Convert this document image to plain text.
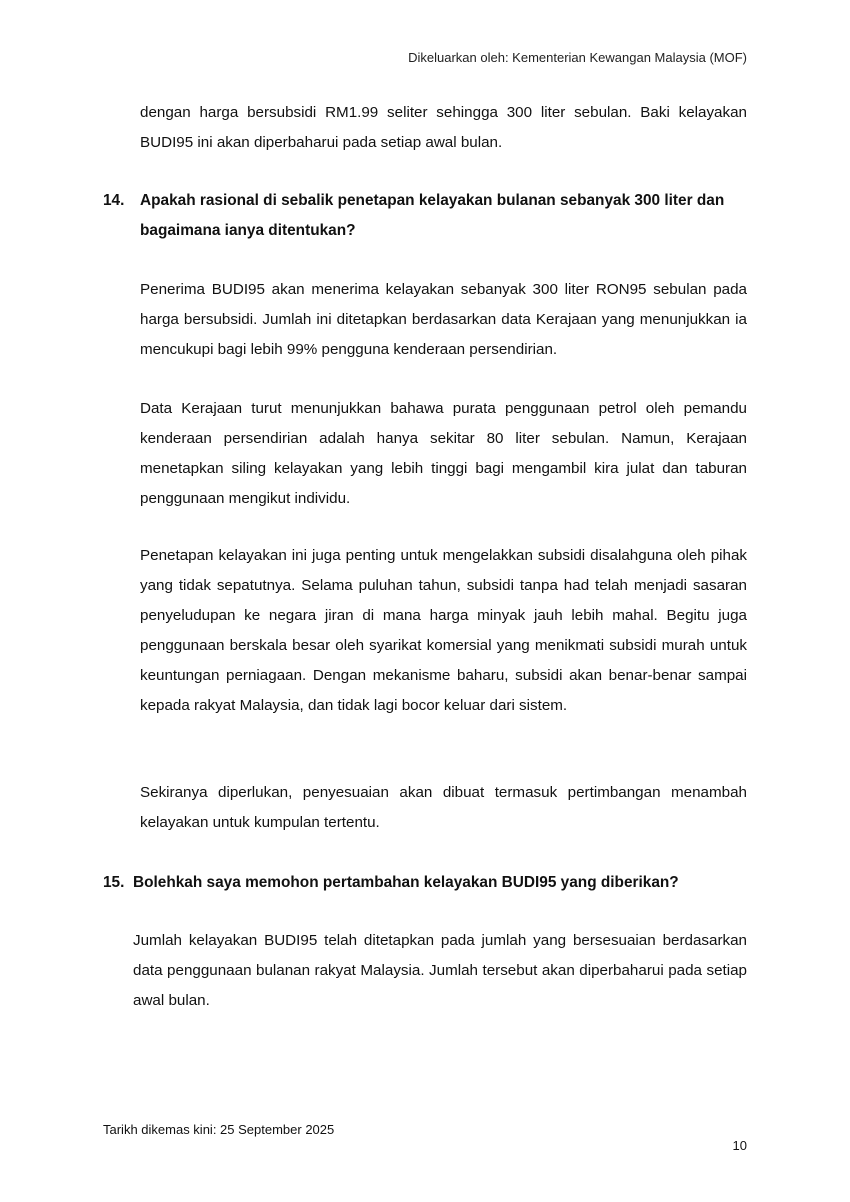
Dikeluarkan oleh: Kementerian Kewangan Malaysia (MOF)

dengan harga bersubsidi RM1.99 seliter sehingga 300 liter sebulan. Baki kelayakan BUDI95 ini akan diperbaharui pada setiap awal bulan.

14.	Apakah rasional di sebalik penetapan kelayakan bulanan sebanyak 300 liter dan bagaimana ianya ditentukan?

Penerima BUDI95 akan menerima kelayakan sebanyak 300 liter RON95 sebulan pada harga bersubsidi. Jumlah ini ditetapkan berdasarkan data Kerajaan yang menunjukkan ia mencukupi bagi lebih 99% pengguna kenderaan persendirian.

Data Kerajaan turut menunjukkan bahawa purata penggunaan petrol oleh pemandu kenderaan persendirian adalah hanya sekitar 80 liter sebulan. Namun, Kerajaan menetapkan siling kelayakan yang lebih tinggi bagi mengambil kira julat dan taburan penggunaan mengikut individu.

Penetapan kelayakan ini juga penting untuk mengelakkan subsidi disalahguna oleh pihak yang tidak sepatutnya. Selama puluhan tahun, subsidi tanpa had telah menjadi sasaran penyeludupan ke negara jiran di mana harga minyak jauh lebih mahal. Begitu juga penggunaan berskala besar oleh syarikat komersial yang menikmati subsidi murah untuk keuntungan perniagaan. Dengan mekanisme baharu, subsidi akan benar-benar sampai kepada rakyat Malaysia, dan tidak lagi bocor keluar dari sistem.

Sekiranya diperlukan, penyesuaian akan dibuat termasuk pertimbangan menambah kelayakan untuk kumpulan tertentu.

15. Bolehkah saya memohon pertambahan kelayakan BUDI95 yang diberikan?

Jumlah kelayakan BUDI95 telah ditetapkan pada jumlah yang bersesuaian berdasarkan data penggunaan bulanan rakyat Malaysia. Jumlah tersebut akan diperbaharui pada setiap awal bulan.

Tarikh dikemas kini: 25 September 2025
10
